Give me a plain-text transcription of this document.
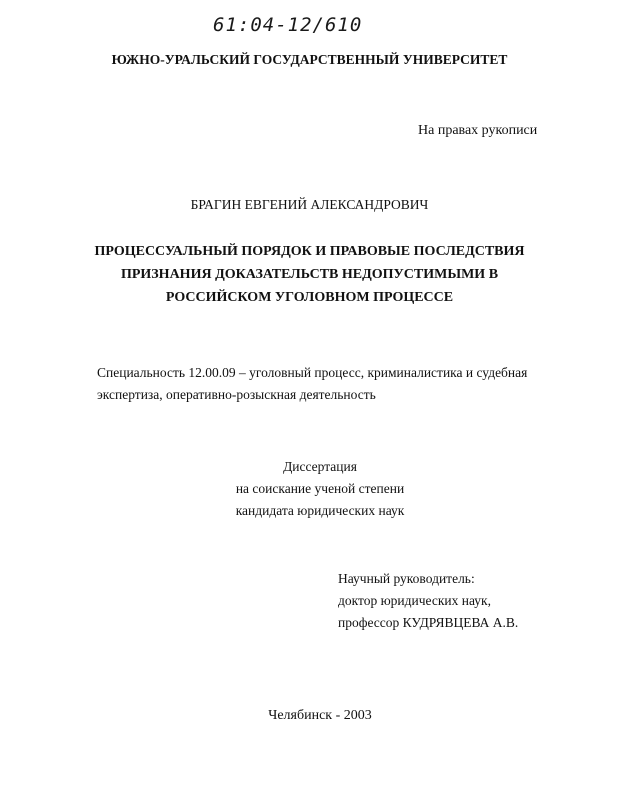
61:04-12/610
ЮЖНО-УРАЛЬСКИЙ ГОСУДАРСТВЕННЫЙ УНИВЕРСИТЕТ
На правах рукописи
БРАГИН ЕВГЕНИЙ АЛЕКСАНДРОВИЧ
ПРОЦЕССУАЛЬНЫЙ ПОРЯДОК И ПРАВОВЫЕ ПОСЛЕДСТВИЯ
ПРИЗНАНИЯ ДОКАЗАТЕЛЬСТВ НЕДОПУСТИМЫМИ В
РОССИЙСКОМ УГОЛОВНОМ ПРОЦЕССЕ
Специальность 12.00.09 – уголовный процесс, криминалистика и судебная
экспертиза, оперативно-розыскная деятельность
Диссертация
на соискание ученой степени
кандидата юридических наук
Научный руководитель:
доктор юридических наук,
профессор КУДРЯВЦЕВА А.В.
Челябинск - 2003
